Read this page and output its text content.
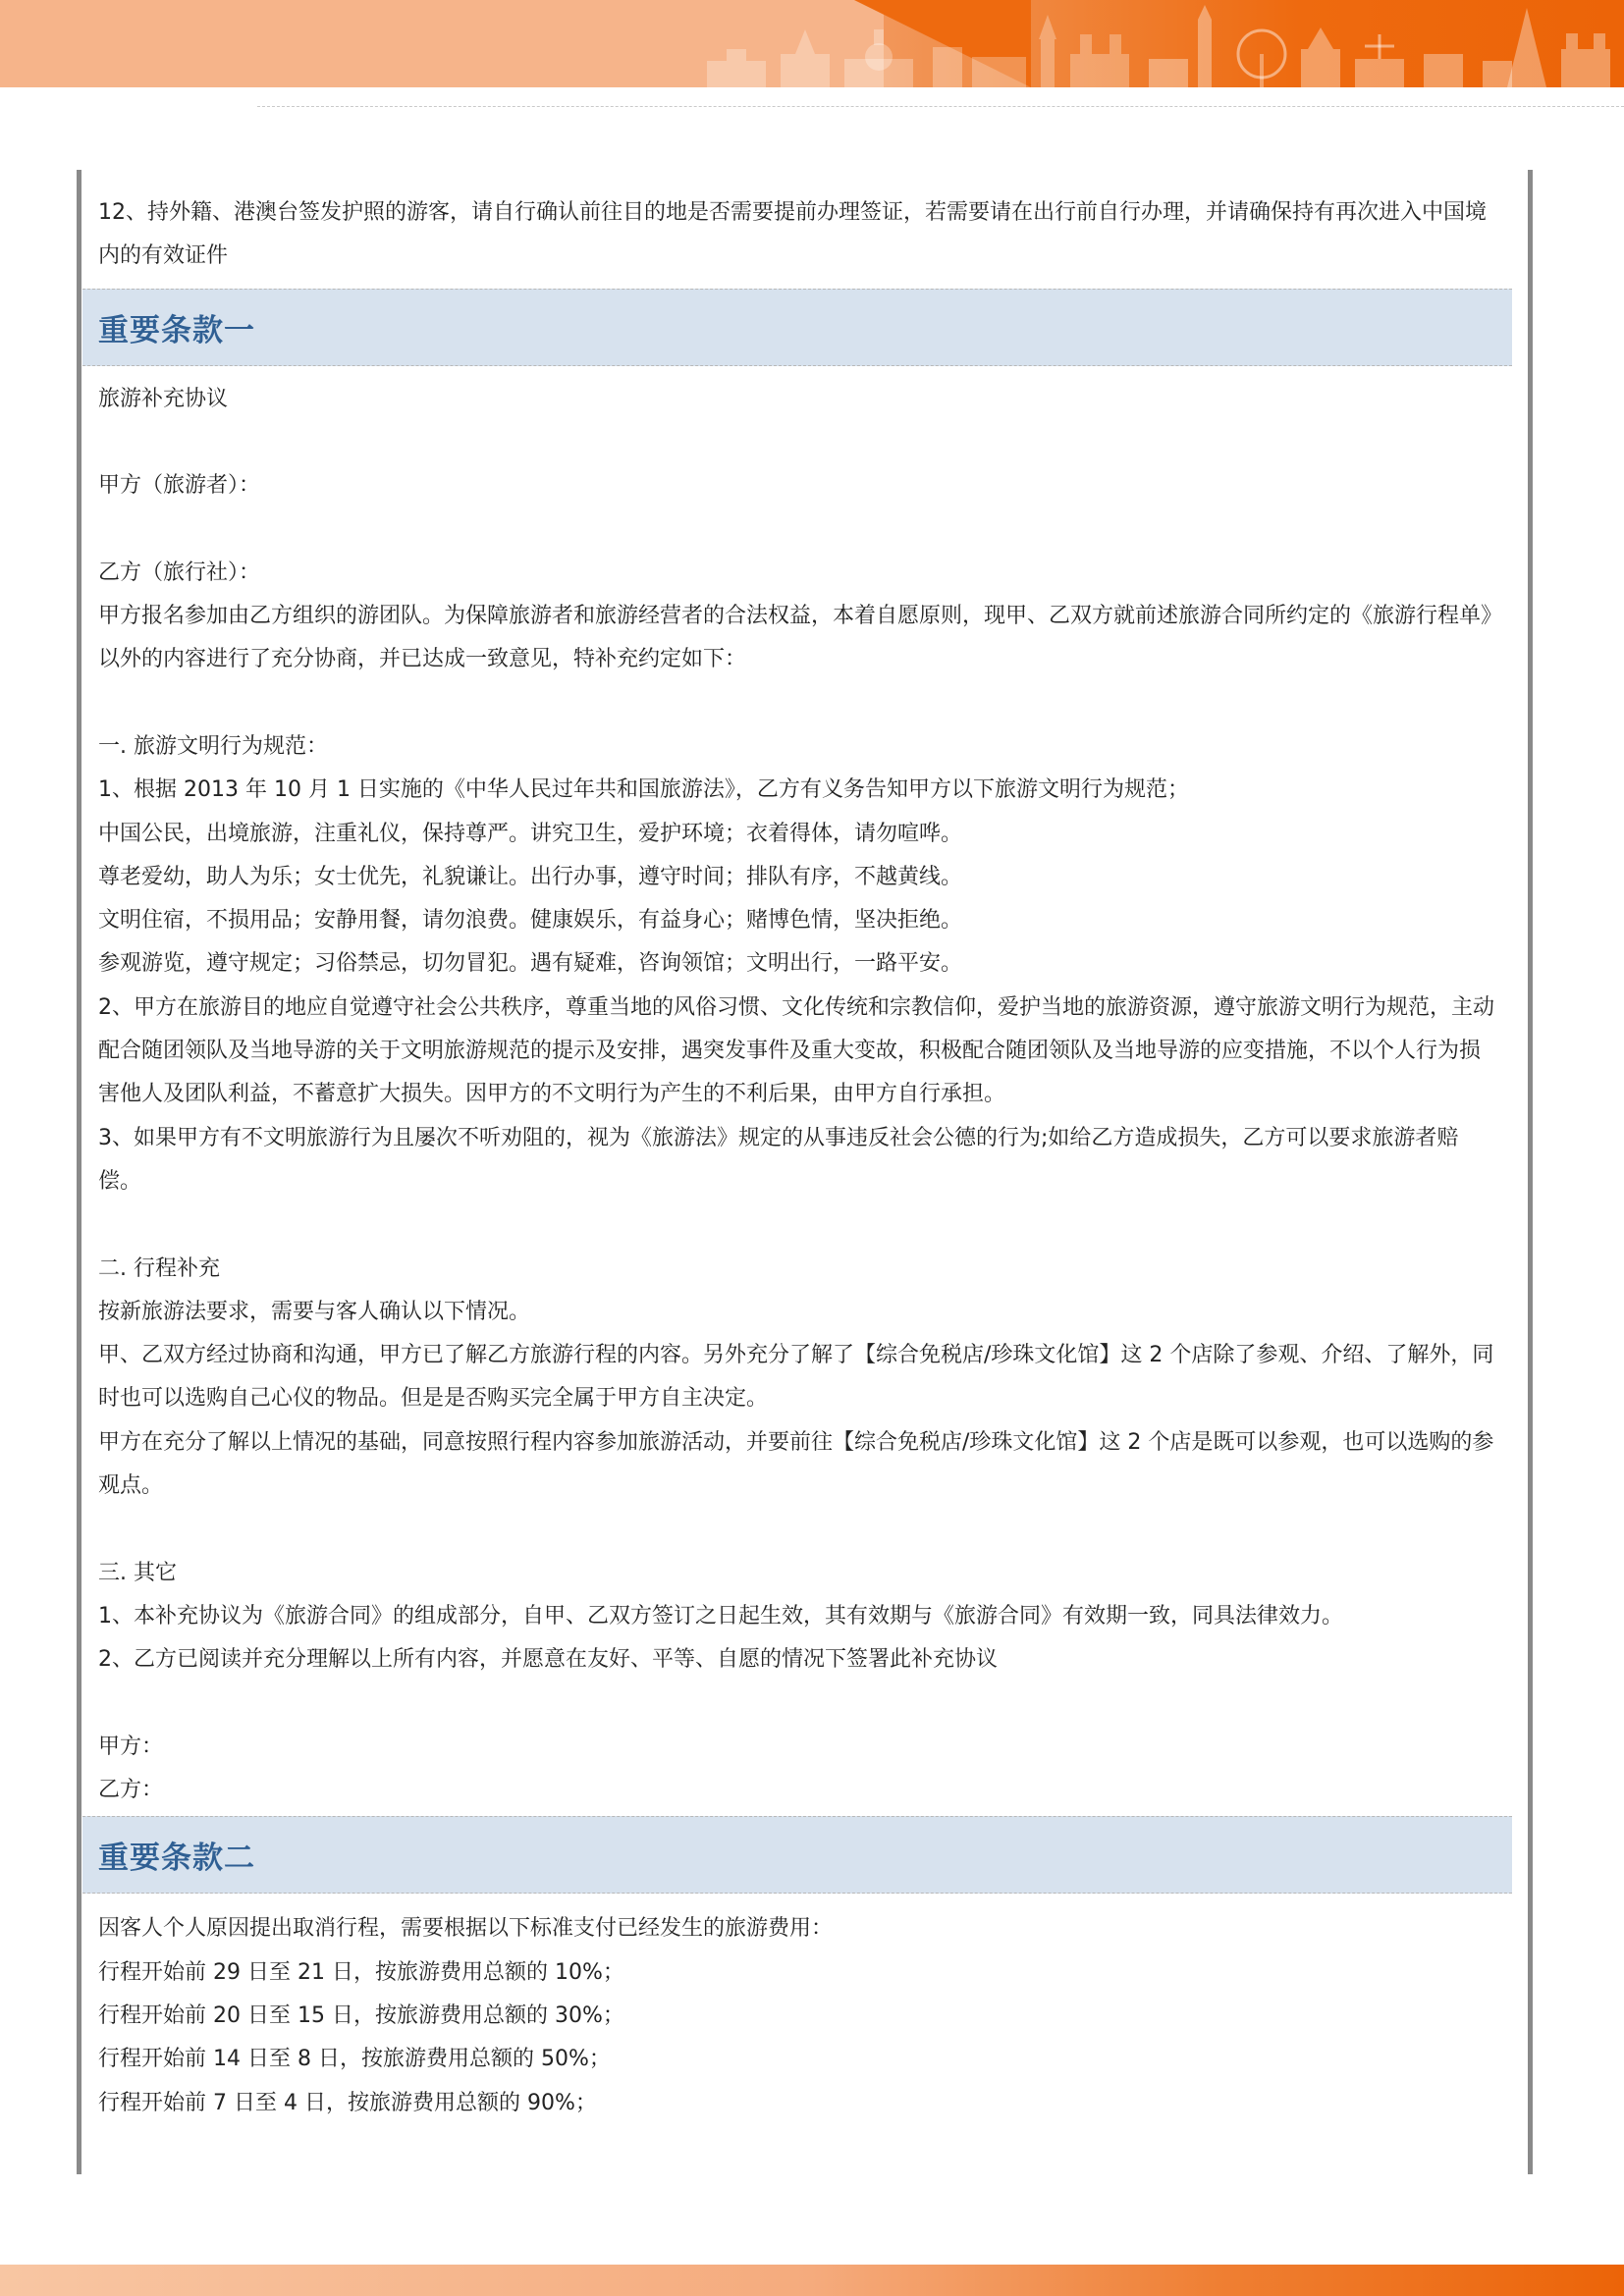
12、持外籍、港澳台签发护照的游客，请自行确认前往目的地是否需要提前办理签证，若需要请在出行前自行办理，并请确保持有再次进入中国境内的有效证件
重要条款一
旅游补充协议
甲方（旅游者）：
乙方（旅行社）：
甲方报名参加由乙方组织的游团队。为保障旅游者和旅游经营者的合法权益，本着自愿原则，现甲、乙双方就前述旅游合同所约定的《旅游行程单》以外的内容进行了充分协商，并已达成一致意见，特补充约定如下：
一. 旅游文明行为规范：
1、根据 2013 年 10 月 1 日实施的《中华人民过年共和国旅游法》，乙方有义务告知甲方以下旅游文明行为规范；
中国公民，出境旅游，注重礼仪，保持尊严。讲究卫生，爱护环境；衣着得体，请勿喧哗。
尊老爱幼，助人为乐；女士优先，礼貌谦让。出行办事，遵守时间；排队有序，不越黄线。
文明住宿，不损用品；安静用餐，请勿浪费。健康娱乐，有益身心；赌博色情，坚决拒绝。
参观游览，遵守规定；习俗禁忌，切勿冒犯。遇有疑难，咨询领馆；文明出行，一路平安。
2、甲方在旅游目的地应自觉遵守社会公共秩序，尊重当地的风俗习惯、文化传统和宗教信仰，爱护当地的旅游资源，遵守旅游文明行为规范，主动配合随团领队及当地导游的关于文明旅游规范的提示及安排，遇突发事件及重大变故，积极配合随团领队及当地导游的应变措施，不以个人行为损害他人及团队利益，不蓄意扩大损失。因甲方的不文明行为产生的不利后果，由甲方自行承担。
3、如果甲方有不文明旅游行为且屡次不听劝阻的，视为《旅游法》规定的从事违反社会公德的行为;如给乙方造成损失，乙方可以要求旅游者赔偿。
二. 行程补充
按新旅游法要求，需要与客人确认以下情况。
甲、乙双方经过协商和沟通，甲方已了解乙方旅游行程的内容。另外充分了解了【综合免税店/珍珠文化馆】这 2 个店除了参观、介绍、了解外，同时也可以选购自己心仪的物品。但是是否购买完全属于甲方自主决定。
甲方在充分了解以上情况的基础，同意按照行程内容参加旅游活动，并要前往【综合免税店/珍珠文化馆】这 2 个店是既可以参观，也可以选购的参观点。
三. 其它
1、本补充协议为《旅游合同》的组成部分，自甲、乙双方签订之日起生效，其有效期与《旅游合同》有效期一致，同具法律效力。
2、乙方已阅读并充分理解以上所有内容，并愿意在友好、平等、自愿的情况下签署此补充协议
甲方：
乙方：
重要条款二
因客人个人原因提出取消行程，需要根据以下标准支付已经发生的旅游费用：
行程开始前 29 日至 21 日，按旅游费用总额的 10%；
行程开始前 20 日至 15 日，按旅游费用总额的 30%；
行程开始前 14 日至 8 日，按旅游费用总额的 50%；
行程开始前 7 日至 4 日，按旅游费用总额的 90%；
